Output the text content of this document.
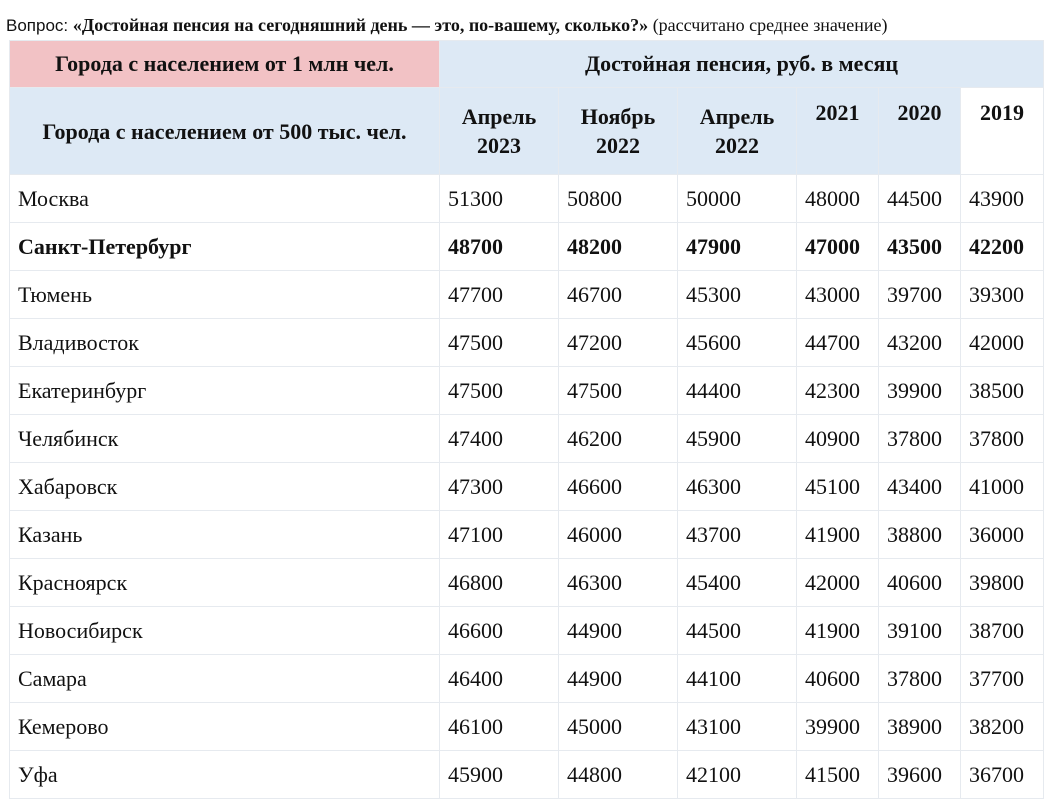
Вопрос: «Достойная пенсия на сегодняшний день — это, по-вашему, сколько?» (рассчитано среднее значение)
Города с населением от 1 млн чел.	Достойная пенсия, руб. в месяц					
Города с населением от 500 тыс. чел.	Апрель 2023	Ноябрь 2022	Апрель 2022	2021	2020	2019
Москва	51300	50800	50000	48000	44500	43900
Санкт-Петербург	48700	48200	47900	47000	43500	42200
Тюмень	47700	46700	45300	43000	39700	39300
Владивосток	47500	47200	45600	44700	43200	42000
Екатеринбург	47500	47500	44400	42300	39900	38500
Челябинск	47400	46200	45900	40900	37800	37800
Хабаровск	47300	46600	46300	45100	43400	41000
Казань	47100	46000	43700	41900	38800	36000
Красноярск	46800	46300	45400	42000	40600	39800
Новосибирск	46600	44900	44500	41900	39100	38700
Самара	46400	44900	44100	40600	37800	37700
Кемерово	46100	45000	43100	39900	38900	38200
Уфа	45900	44800	42100	41500	39600	36700
